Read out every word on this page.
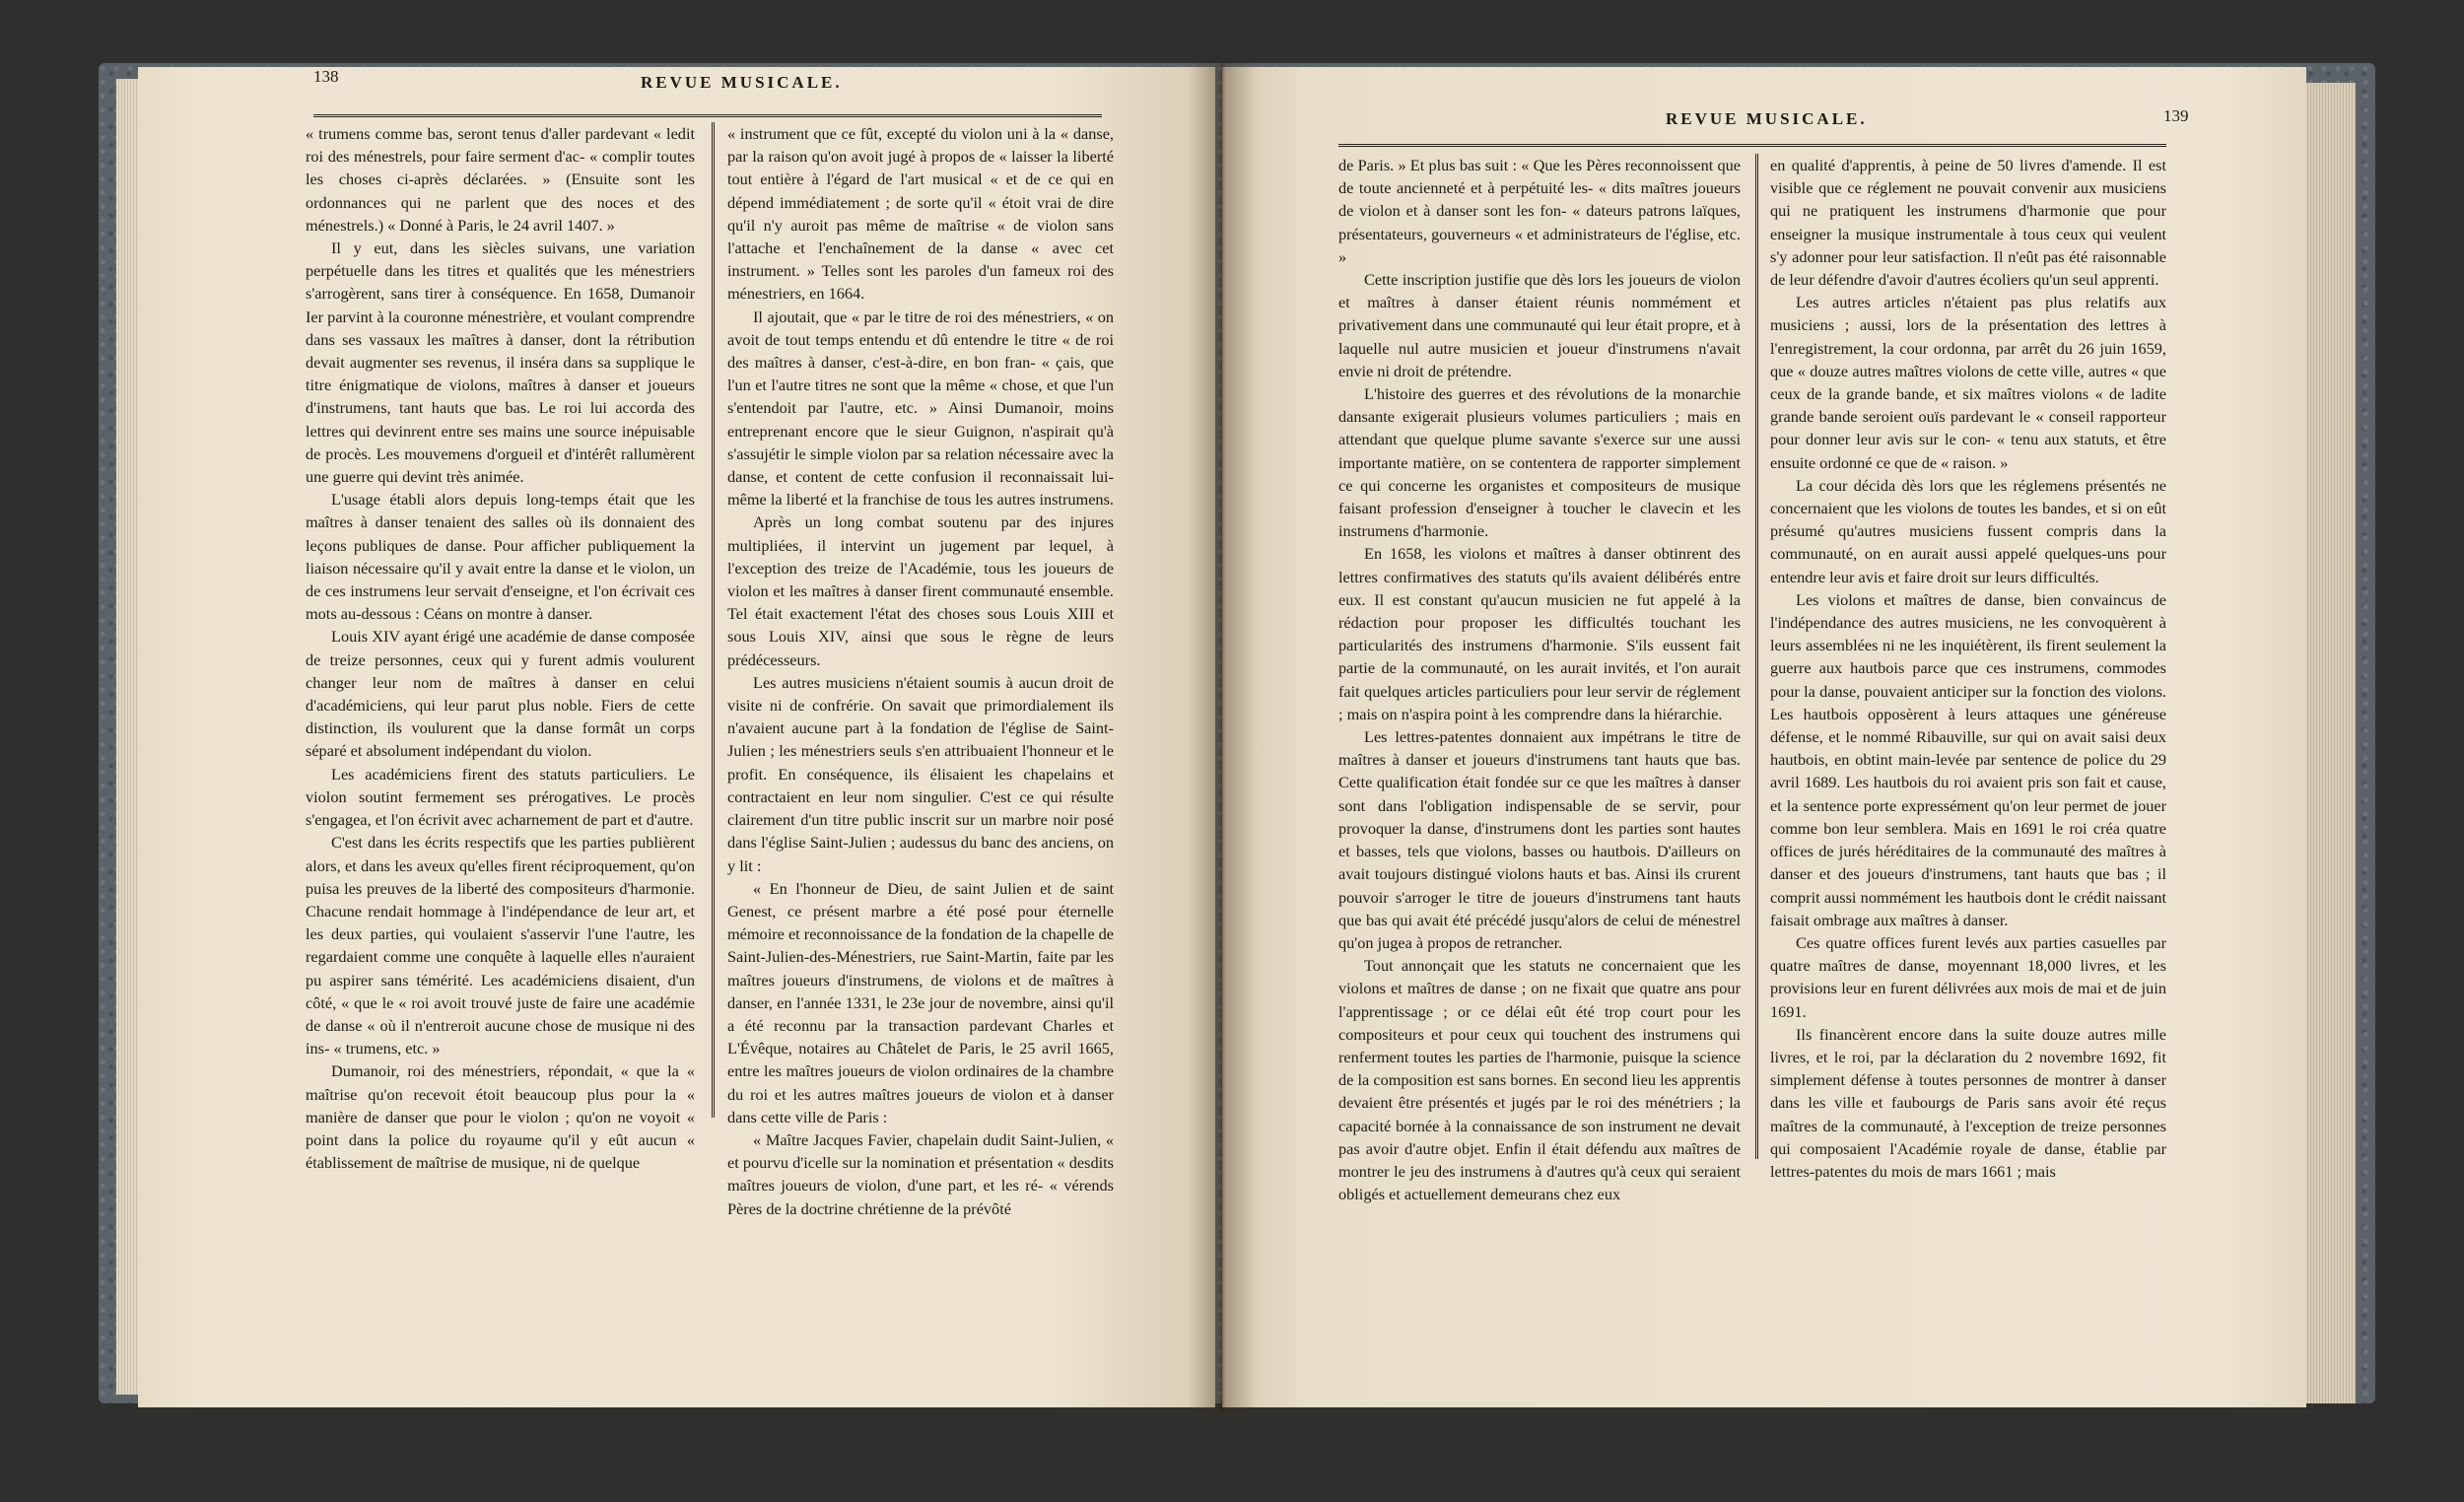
138	REVUE MUSICALE.

« trumens comme bas, seront tenus d'aller pardevant « ledit roi des ménestrels, pour faire serment d'ac- « complir toutes les choses ci-après déclarées. » (Ensuite sont les ordonnances qui ne parlent que des noces et des ménestrels.) « Donné à Paris, le 24 avril 1407. »

Il y eut, dans les siècles suivans, une variation perpétuelle dans les titres et qualités que les ménestriers s'arrogèrent, sans tirer à conséquence. En 1658, Dumanoir Ier parvint à la couronne ménestrière, et voulant comprendre dans ses vassaux les maîtres à danser, dont la rétribution devait augmenter ses revenus, il inséra dans sa supplique le titre énigmatique de violons, maîtres à danser et joueurs d'instrumens, tant hauts que bas. Le roi lui accorda des lettres qui devinrent entre ses mains une source inépuisable de procès. Les mouvemens d'orgueil et d'intérêt rallumèrent une guerre qui devint très animée.

L'usage établi alors depuis long-temps était que les maîtres à danser tenaient des salles où ils donnaient des leçons publiques de danse. Pour afficher publiquement la liaison nécessaire qu'il y avait entre la danse et le violon, un de ces instrumens leur servait d'enseigne, et l'on écrivait ces mots au-dessous : Céans on montre à danser.

Louis XIV ayant érigé une académie de danse composée de treize personnes, ceux qui y furent admis voulurent changer leur nom de maîtres à danser en celui d'académiciens, qui leur parut plus noble. Fiers de cette distinction, ils voulurent que la danse formât un corps séparé et absolument indépendant du violon.

Les académiciens firent des statuts particuliers. Le violon soutint fermement ses prérogatives. Le procès s'engagea, et l'on écrivit avec acharnement de part et d'autre.

C'est dans les écrits respectifs que les parties publièrent alors, et dans les aveux qu'elles firent réciproquement, qu'on puisa les preuves de la liberté des compositeurs d'harmonie. Chacune rendait hommage à l'indépendance de leur art, et les deux parties, qui voulaient s'asservir l'une l'autre, les regardaient comme une conquête à laquelle elles n'auraient pu aspirer sans témérité. Les académiciens disaient, d'un côté, « que le « roi avoit trouvé juste de faire une académie de danse « où il n'entreroit aucune chose de musique ni des ins- « trumens, etc. »

Dumanoir, roi des ménestriers, répondait, « que la « maîtrise qu'on recevoit étoit beaucoup plus pour la « manière de danser que pour le violon ; qu'on ne voyoit « point dans la police du royaume qu'il y eût aucun « établissement de maîtrise de musique, ni de quelque

« instrument que ce fût, excepté du violon uni à la « danse, par la raison qu'on avoit jugé à propos de « laisser la liberté tout entière à l'égard de l'art musical « et de ce qui en dépend immédiatement ; de sorte qu'il « étoit vrai de dire qu'il n'y auroit pas même de maîtrise « de violon sans l'attache et l'enchaînement de la danse « avec cet instrument. » Telles sont les paroles d'un fameux roi des ménestriers, en 1664.

Il ajoutait, que « par le titre de roi des ménestriers, « on avoit de tout temps entendu et dû entendre le titre « de roi des maîtres à danser, c'est-à-dire, en bon fran- « çais, que l'un et l'autre titres ne sont que la même « chose, et que l'un s'entendoit par l'autre, etc. » Ainsi Dumanoir, moins entreprenant encore que le sieur Guignon, n'aspirait qu'à s'assujétir le simple violon par sa relation nécessaire avec la danse, et content de cette confusion il reconnaissait lui-même la liberté et la franchise de tous les autres instrumens.

Après un long combat soutenu par des injures multipliées, il intervint un jugement par lequel, à l'exception des treize de l'Académie, tous les joueurs de violon et les maîtres à danser firent communauté ensemble. Tel était exactement l'état des choses sous Louis XIII et sous Louis XIV, ainsi que sous le règne de leurs prédécesseurs.

Les autres musiciens n'étaient soumis à aucun droit de visite ni de confrérie. On savait que primordialement ils n'avaient aucune part à la fondation de l'église de Saint-Julien ; les ménestriers seuls s'en attribuaient l'honneur et le profit. En conséquence, ils élisaient les chapelains et contractaient en leur nom singulier. C'est ce qui résulte clairement d'un titre public inscrit sur un marbre noir posé dans l'église Saint-Julien ; audessus du banc des anciens, on y lit :

« En l'honneur de Dieu, de saint Julien et de saint Genest, ce présent marbre a été posé pour éternelle mémoire et reconnoissance de la fondation de la chapelle de Saint-Julien-des-Ménestriers, rue Saint-Martin, faite par les maîtres joueurs d'instrumens, de violons et de maîtres à danser, en l'année 1331, le 23e jour de novembre, ainsi qu'il a été reconnu par la transaction pardevant Charles et L'Évêque, notaires au Châtelet de Paris, le 25 avril 1665, entre les maîtres joueurs de violon ordinaires de la chambre du roi et les autres maîtres joueurs de violon et à danser dans cette ville de Paris :

« Maître Jacques Favier, chapelain dudit Saint-Julien, « et pourvu d'icelle sur la nomination et présentation « desdits maîtres joueurs de violon, d'une part, et les ré- « vérends Pères de la doctrine chrétienne de la prévôté

REVUE MUSICALE.	139

de Paris. » Et plus bas suit : « Que les Pères reconnoissent que de toute ancienneté et à perpétuité les- « dits maîtres joueurs de violon et à danser sont les fon- « dateurs patrons laïques, présentateurs, gouverneurs « et administrateurs de l'église, etc. »

Cette inscription justifie que dès lors les joueurs de violon et maîtres à danser étaient réunis nommément et privativement dans une communauté qui leur était propre, et à laquelle nul autre musicien et joueur d'instrumens n'avait envie ni droit de prétendre.

L'histoire des guerres et des révolutions de la monarchie dansante exigerait plusieurs volumes particuliers ; mais en attendant que quelque plume savante s'exerce sur une aussi importante matière, on se contentera de rapporter simplement ce qui concerne les organistes et compositeurs de musique faisant profession d'enseigner à toucher le clavecin et les instrumens d'harmonie.

En 1658, les violons et maîtres à danser obtinrent des lettres confirmatives des statuts qu'ils avaient délibérés entre eux. Il est constant qu'aucun musicien ne fut appelé à la rédaction pour proposer les difficultés touchant les particularités des instrumens d'harmonie. S'ils eussent fait partie de la communauté, on les aurait invités, et l'on aurait fait quelques articles particuliers pour leur servir de réglement ; mais on n'aspira point à les comprendre dans la hiérarchie.

Les lettres-patentes donnaient aux impétrans le titre de maîtres à danser et joueurs d'instrumens tant hauts que bas. Cette qualification était fondée sur ce que les maîtres à danser sont dans l'obligation indispensable de se servir, pour provoquer la danse, d'instrumens dont les parties sont hautes et basses, tels que violons, basses ou hautbois. D'ailleurs on avait toujours distingué violons hauts et bas. Ainsi ils crurent pouvoir s'arroger le titre de joueurs d'instrumens tant hauts que bas qui avait été précédé jusqu'alors de celui de ménestrel qu'on jugea à propos de retrancher.

Tout annonçait que les statuts ne concernaient que les violons et maîtres de danse ; on ne fixait que quatre ans pour l'apprentissage ; or ce délai eût été trop court pour les compositeurs et pour ceux qui touchent des instrumens qui renferment toutes les parties de l'harmonie, puisque la science de la composition est sans bornes. En second lieu les apprentis devaient être présentés et jugés par le roi des ménétriers ; la capacité bornée à la connaissance de son instrument ne devait pas avoir d'autre objet. Enfin il était défendu aux maîtres de montrer le jeu des instrumens à d'autres qu'à ceux qui seraient obligés et actuellement demeurans chez eux

en qualité d'apprentis, à peine de 50 livres d'amende. Il est visible que ce réglement ne pouvait convenir aux musiciens qui ne pratiquent les instrumens d'harmonie que pour enseigner la musique instrumentale à tous ceux qui veulent s'y adonner pour leur satisfaction. Il n'eût pas été raisonnable de leur défendre d'avoir d'autres écoliers qu'un seul apprenti.

Les autres articles n'étaient pas plus relatifs aux musiciens ; aussi, lors de la présentation des lettres à l'enregistrement, la cour ordonna, par arrêt du 26 juin 1659, que « douze autres maîtres violons de cette ville, autres « que ceux de la grande bande, et six maîtres violons « de ladite grande bande seroient ouïs pardevant le « conseil rapporteur pour donner leur avis sur le con- « tenu aux statuts, et être ensuite ordonné ce que de « raison. »

La cour décida dès lors que les réglemens présentés ne concernaient que les violons de toutes les bandes, et si on eût présumé qu'autres musiciens fussent compris dans la communauté, on en aurait aussi appelé quelques-uns pour entendre leur avis et faire droit sur leurs difficultés.

Les violons et maîtres de danse, bien convaincus de l'indépendance des autres musiciens, ne les convoquèrent à leurs assemblées ni ne les inquiétèrent, ils firent seulement la guerre aux hautbois parce que ces instrumens, commodes pour la danse, pouvaient anticiper sur la fonction des violons. Les hautbois opposèrent à leurs attaques une généreuse défense, et le nommé Ribauville, sur qui on avait saisi deux hautbois, en obtint main-levée par sentence de police du 29 avril 1689. Les hautbois du roi avaient pris son fait et cause, et la sentence porte expressément qu'on leur permet de jouer comme bon leur semblera. Mais en 1691 le roi créa quatre offices de jurés héréditaires de la communauté des maîtres à danser et des joueurs d'instrumens, tant hauts que bas ; il comprit aussi nommément les hautbois dont le crédit naissant faisait ombrage aux maîtres à danser.

Ces quatre offices furent levés aux parties casuelles par quatre maîtres de danse, moyennant 18,000 livres, et les provisions leur en furent délivrées aux mois de mai et de juin 1691.

Ils financèrent encore dans la suite douze autres mille livres, et le roi, par la déclaration du 2 novembre 1692, fit simplement défense à toutes personnes de montrer à danser dans les ville et faubourgs de Paris sans avoir été reçus maîtres de la communauté, à l'exception de treize personnes qui composaient l'Académie royale de danse, établie par lettres-patentes du mois de mars 1661 ; mais
